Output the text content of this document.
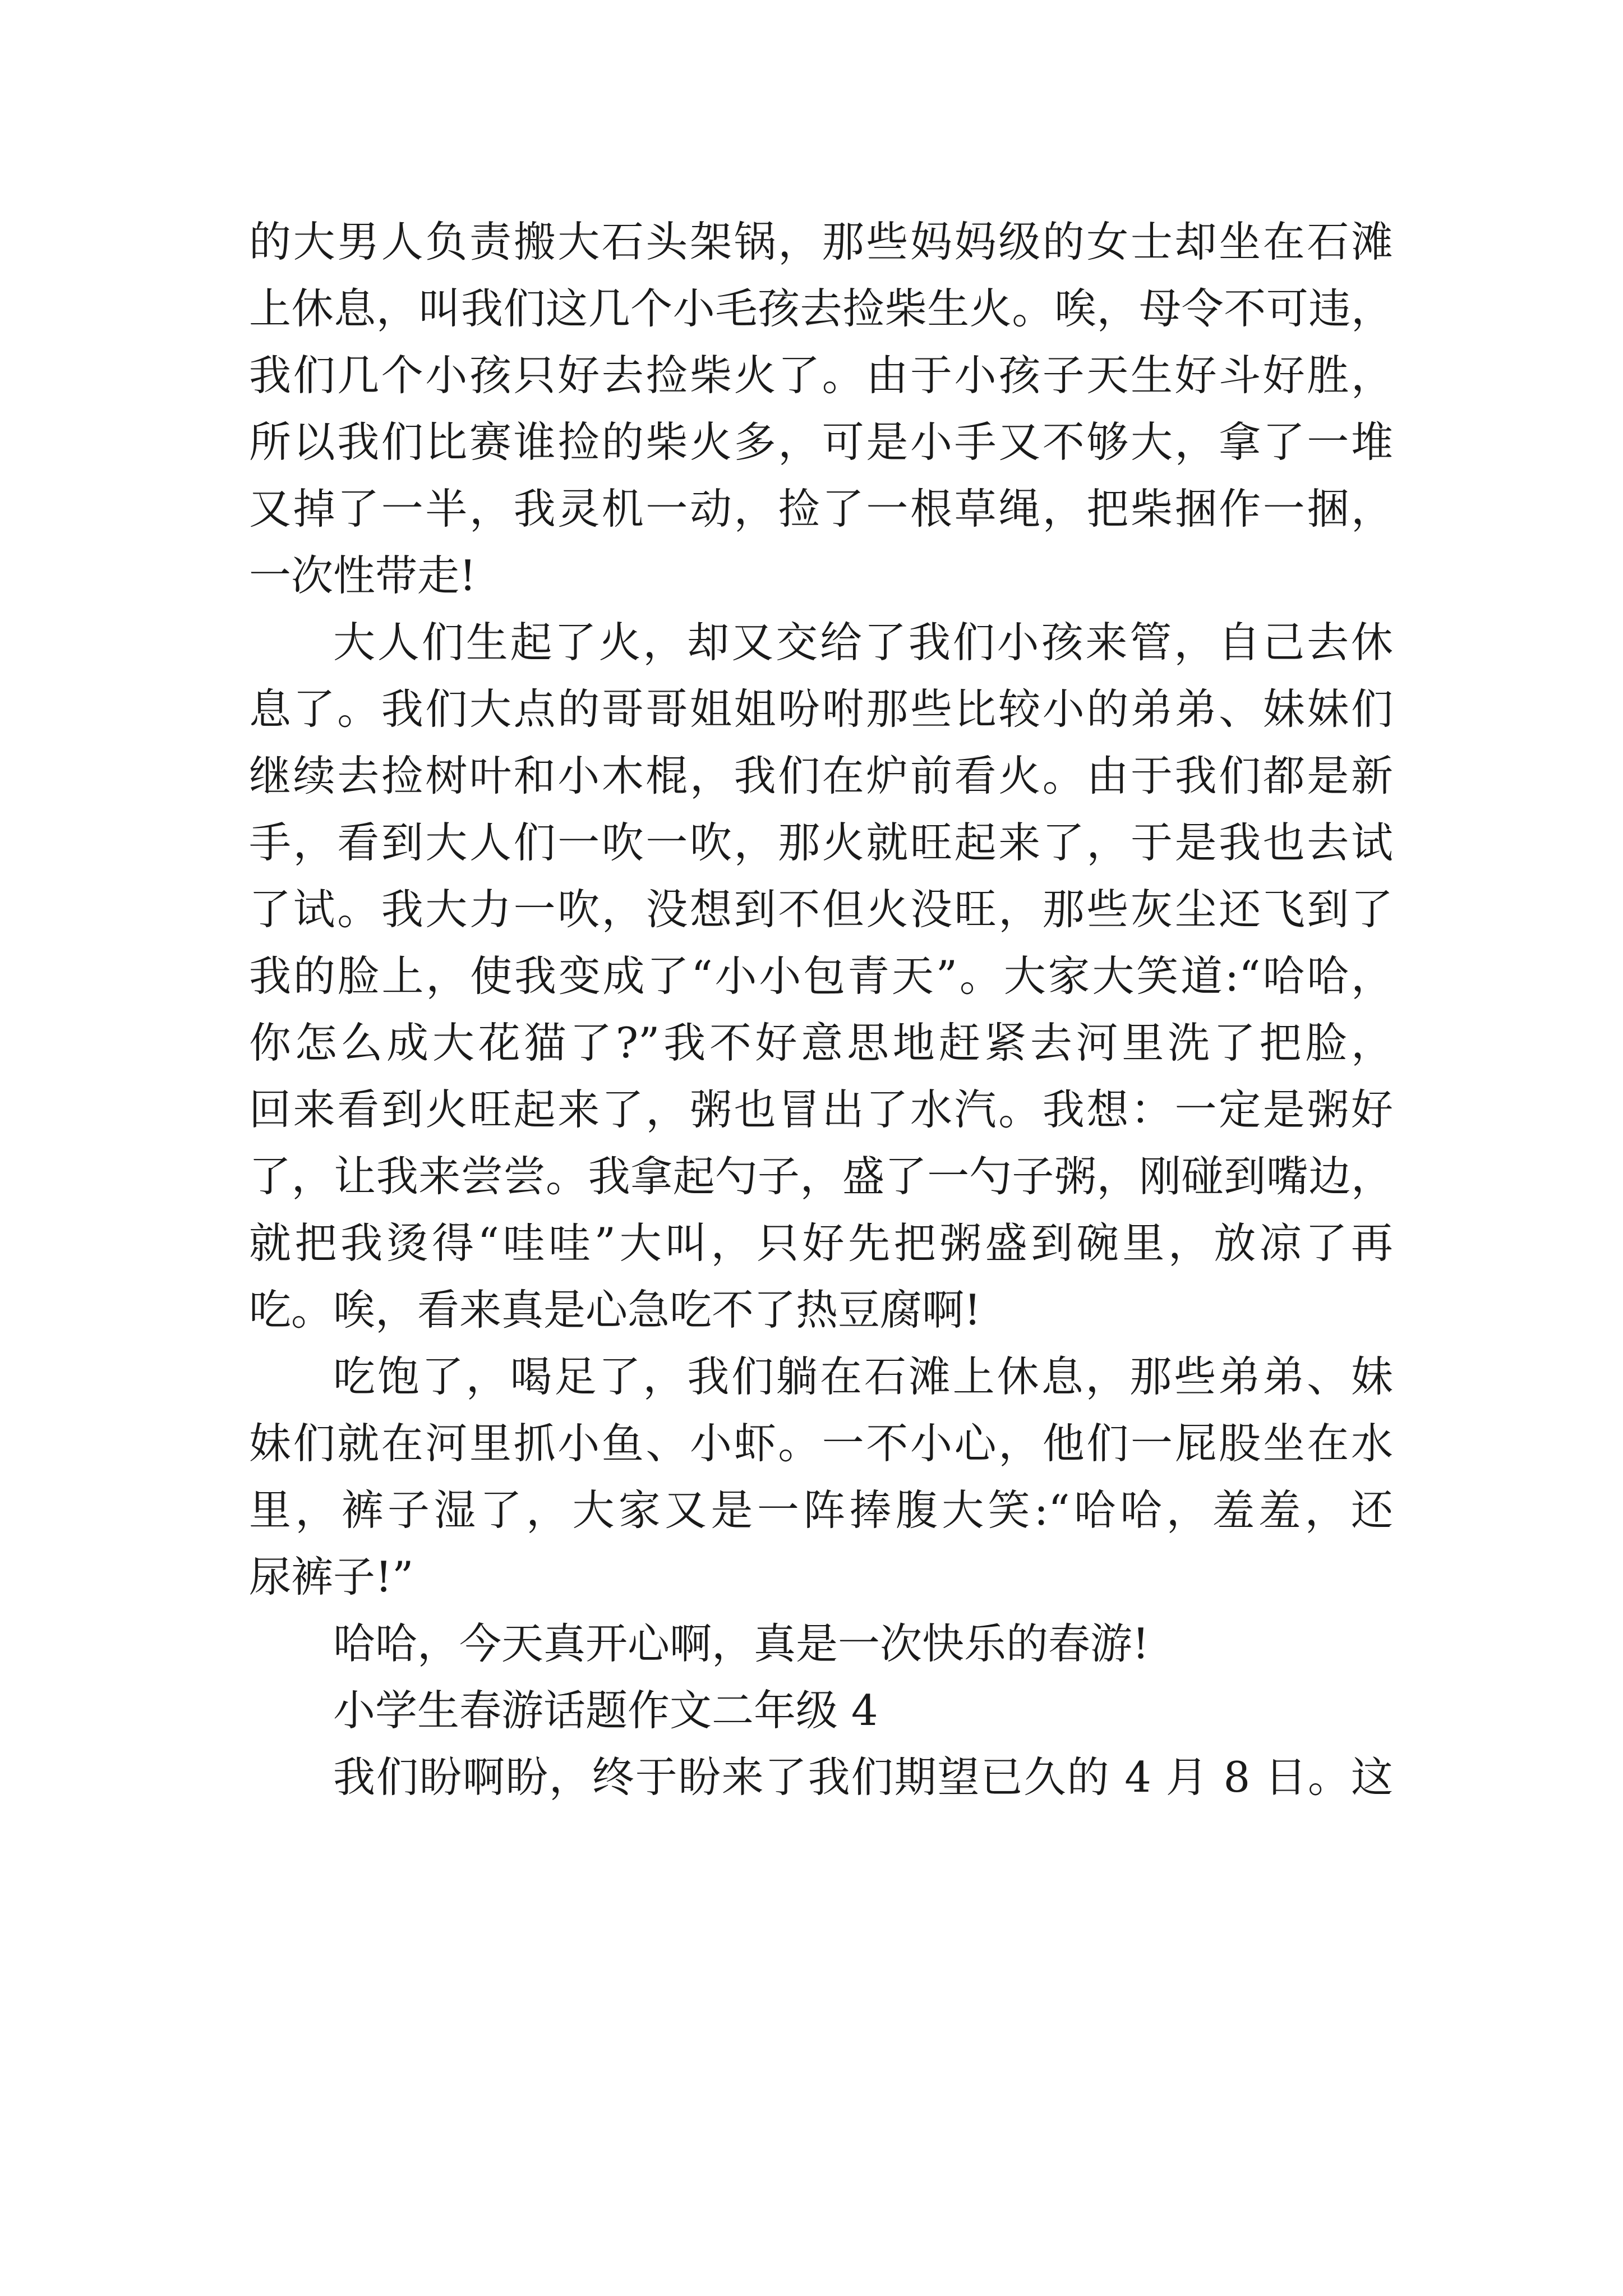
的大男人负责搬大石头架锅，那些妈妈级的女士却坐在石滩
上休息，叫我们这几个小毛孩去捡柴生火。唉，母令不可违，
我们几个小孩只好去捡柴火了。由于小孩子天生好斗好胜，
所以我们比赛谁捡的柴火多，可是小手又不够大，拿了一堆
又掉了一半，我灵机一动，捡了一根草绳，把柴捆作一捆，
一次性带走!
大人们生起了火，却又交给了我们小孩来管，自己去休
息了。我们大点的哥哥姐姐吩咐那些比较小的弟弟、妹妹们
继续去捡树叶和小木棍，我们在炉前看火。由于我们都是新
手，看到大人们一吹一吹，那火就旺起来了，于是我也去试
了试。我大力一吹，没想到不但火没旺，那些灰尘还飞到了
我的脸上，使我变成了“小小包青天”。大家大笑道:“哈哈，
你怎么成大花猫了?”我不好意思地赶紧去河里洗了把脸，
回来看到火旺起来了，粥也冒出了水汽。我想：一定是粥好
了，让我来尝尝。我拿起勺子，盛了一勺子粥，刚碰到嘴边，
就把我烫得“哇哇”大叫，只好先把粥盛到碗里，放凉了再
吃。唉，看来真是心急吃不了热豆腐啊!
吃饱了，喝足了，我们躺在石滩上休息，那些弟弟、妹
妹们就在河里抓小鱼、小虾。一不小心，他们一屁股坐在水
里，裤子湿了，大家又是一阵捧腹大笑:“哈哈，羞羞，还
尿裤子!”
哈哈，今天真开心啊，真是一次快乐的春游!
小学生春游话题作文二年级 4
我们盼啊盼，终于盼来了我们期望已久的 4 月 8 日。这
